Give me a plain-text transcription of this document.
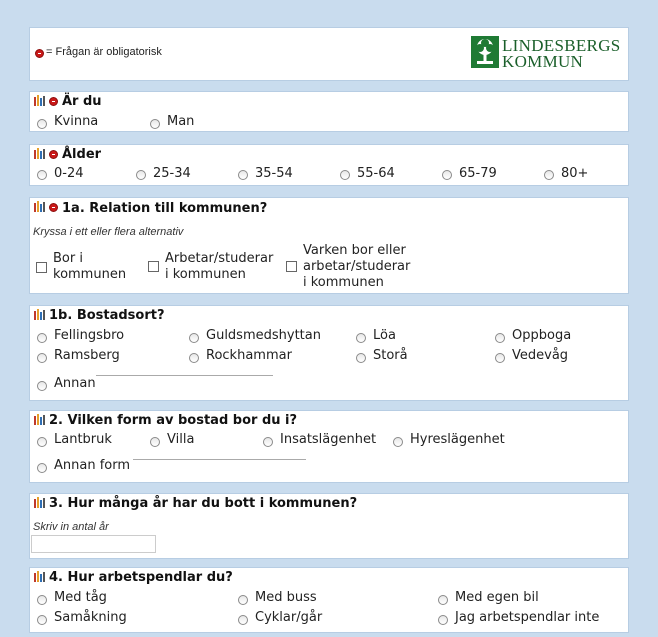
= Frågan är obligatorisk	LINDESBERGS
KOMMUN
Är du
Kvinna	Man
Ålder
0-24	25-34	35-54	55-64	65-79	80+
1a. Relation till kommunen?
Kryssa i ett eller flera alternativ
Bor i
kommunen
Arbetar/studerar
i kommunen
Varken bor eller
arbetar/studerar
i kommunen
1b. Bostadsort?
Fellingsbro	Guldsmedshyttan	Löa	Oppboga
Ramsberg	Rockhammar	Storå	Vedevåg
Annan
2. Vilken form av bostad bor du i?
Lantbruk	Villa	Insatslägenhet	Hyreslägenhet
Annan form
3. Hur många år har du bott i kommunen?
Skriv in antal år
4. Hur arbetspendlar du?
Med tåg	Med buss	Med egen bil
Samåkning	Cyklar/går	Jag arbetspendlar inte
